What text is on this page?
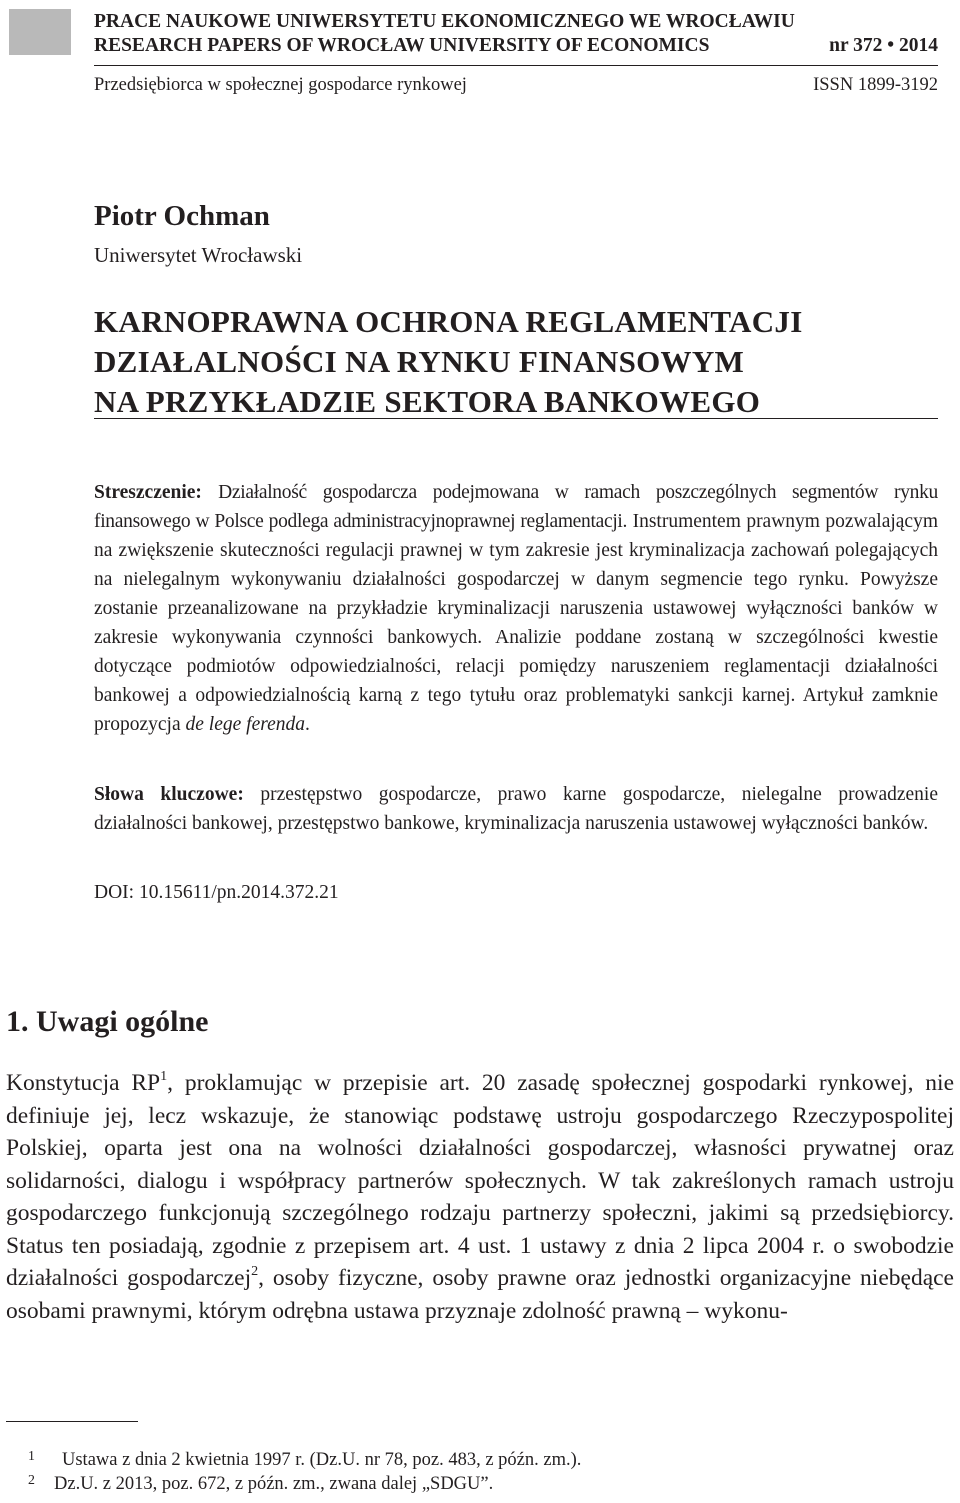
PRACE NAUKOWE UNIWERSYTETU EKONOMICZNEGO WE WROCŁAWIU
RESEARCH PAPERS OF WROCŁAW UNIVERSITY OF ECONOMICS	nr 372 • 2014
Przedsiębiorca w społecznej gospodarce rynkowej	ISSN 1899-3192
Piotr Ochman
Uniwersytet Wrocławski
KARNOPRAWNA OCHRONA REGLAMENTACJI
DZIAŁALNOŚCI NA RYNKU FINANSOWYM
NA PRZYKŁADZIE SEKTORA BANKOWEGO
Streszczenie: Działalność gospodarcza podejmowana w ramach poszczególnych segmentów rynku finansowego w Polsce podlega administracyjnoprawnej reglamentacji. Instrumentem prawnym pozwalającym na zwiększenie skuteczności regulacji prawnej w tym zakresie jest kryminalizacja zachowań polegających na nielegalnym wykonywaniu działalności gospodarczej w danym segmencie tego rynku. Powyższe zostanie przeanalizowane na przykładzie kryminalizacji naruszenia ustawowej wyłączności banków w zakresie wykonywania czynności bankowych. Analizie poddane zostaną w szczególności kwestie dotyczące podmiotów odpowiedzialności, relacji pomiędzy naruszeniem reglamentacji działalności bankowej a odpowiedzialnością karną z tego tytułu oraz problematyki sankcji karnej. Artykuł zamknie propozycja de lege ferenda.
Słowa kluczowe: przestępstwo gospodarcze, prawo karne gospodarcze, nielegalne prowadzenie działalności bankowej, przestępstwo bankowe, kryminalizacja naruszenia ustawowej wyłączności banków.
DOI: 10.15611/pn.2014.372.21
1. Uwagi ogólne
Konstytucja $RP^1$, proklamując w przepisie art. 20 zasadę społecznej gospodarki rynkowej, nie definiuje jej, lecz wskazuje, że stanowiąc podstawę ustroju gospodarczego Rzeczypospolitej Polskiej, oparta jest ona na wolności działalności gospodarczej, własności prywatnej oraz solidarności, dialogu i współpracy partnerów społecznych. W tak zakreślonych ramach ustroju gospodarczego funkcjonują szczególnego rodzaju partnerzy społeczni, jakimi są przedsiębiorcy. Status ten posiadają, zgodnie z przepisem art. 4 ust. 1 ustawy z dnia 2 lipca 2004 r. o swobodzie działalności gospodarczej$^2$, osoby fizyczne, osoby prawne oraz jednostki organizacyjne niebędące osobami prawnymi, którym odrębna ustawa przyznaje zdolność prawną – wykonu-
1 Ustawa z dnia 2 kwietnia 1997 r. (Dz.U. nr 78, poz. 483, z późn. zm.).
2 Dz.U. z 2013, poz. 672, z późn. zm., zwana dalej „SDGU”.
